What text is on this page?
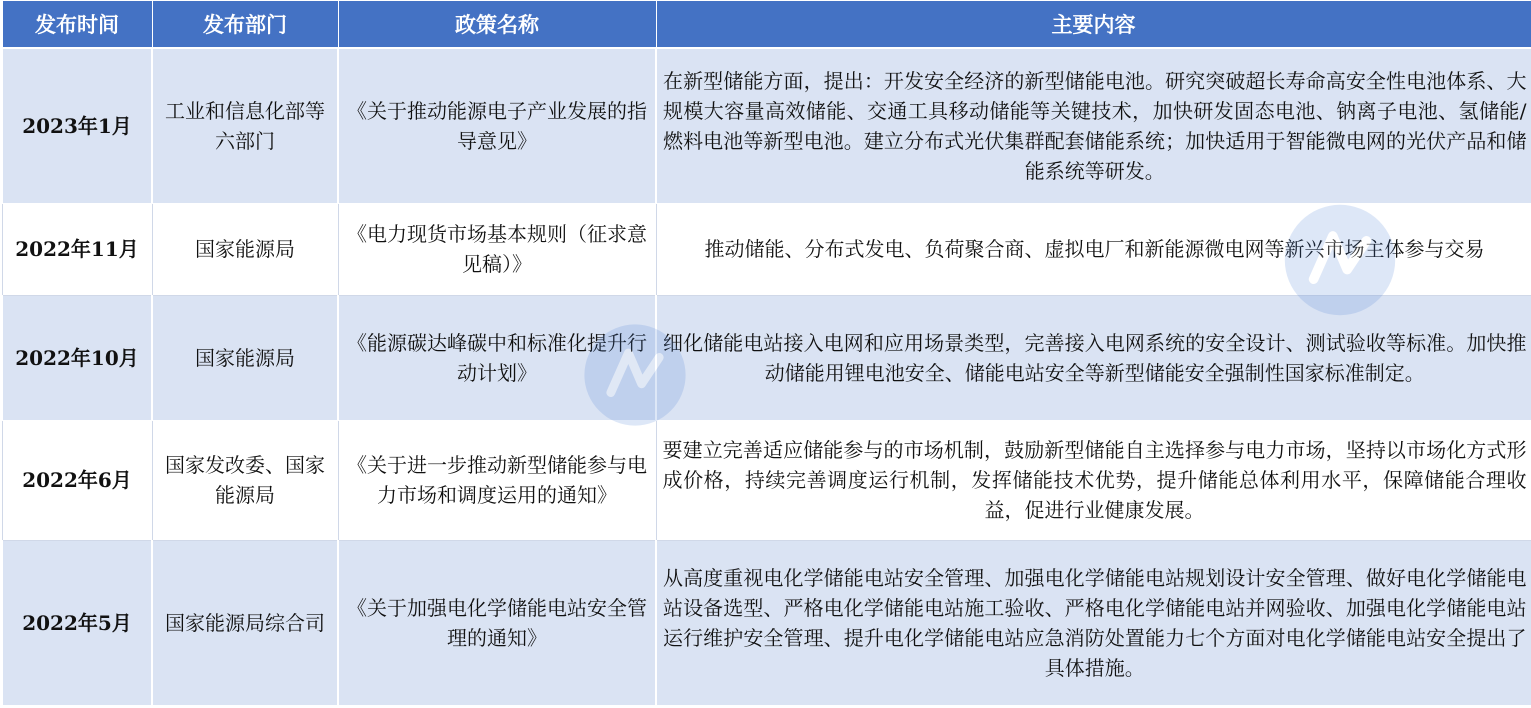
发布时间	发布部门	政策名称	主要内容
2023年1月	工业和信息化部等六部门	《关于推动能源电子产业发展的指导意见》	在新型储能方面，提出：开发安全经济的新型储能电池。研究突破超长寿命高安全性电池体系、大规模大容量高效储能、交通工具移动储能等关键技术，加快研发固态电池、钠离子电池、氢储能/燃料电池等新型电池。建立分布式光伏集群配套储能系统；加快适用于智能微电网的光伏产品和储能系统等研发。
2022年11月	国家能源局	《电力现货市场基本规则（征求意见稿）》	推动储能、分布式发电、负荷聚合商、虚拟电厂和新能源微电网等新兴市场主体参与交易
2022年10月	国家能源局	《能源碳达峰碳中和标准化提升行动计划》	细化储能电站接入电网和应用场景类型，完善接入电网系统的安全设计、测试验收等标准。加快推动储能用锂电池安全、储能电站安全等新型储能安全强制性国家标准制定。
2022年6月	国家发改委、国家能源局	《关于进一步推动新型储能参与电力市场和调度运用的通知》	要建立完善适应储能参与的市场机制，鼓励新型储能自主选择参与电力市场，坚持以市场化方式形成价格，持续完善调度运行机制，发挥储能技术优势，提升储能总体利用水平，保障储能合理收益，促进行业健康发展。
2022年5月	国家能源局综合司	《关于加强电化学储能电站安全管理的通知》	从高度重视电化学储能电站安全管理、加强电化学储能电站规划设计安全管理、做好电化学储能电站设备选型、严格电化学储能电站施工验收、严格电化学储能电站并网验收、加强电化学储能电站运行维护安全管理、提升电化学储能电站应急消防处置能力七个方面对电化学储能电站安全提出了具体措施。
